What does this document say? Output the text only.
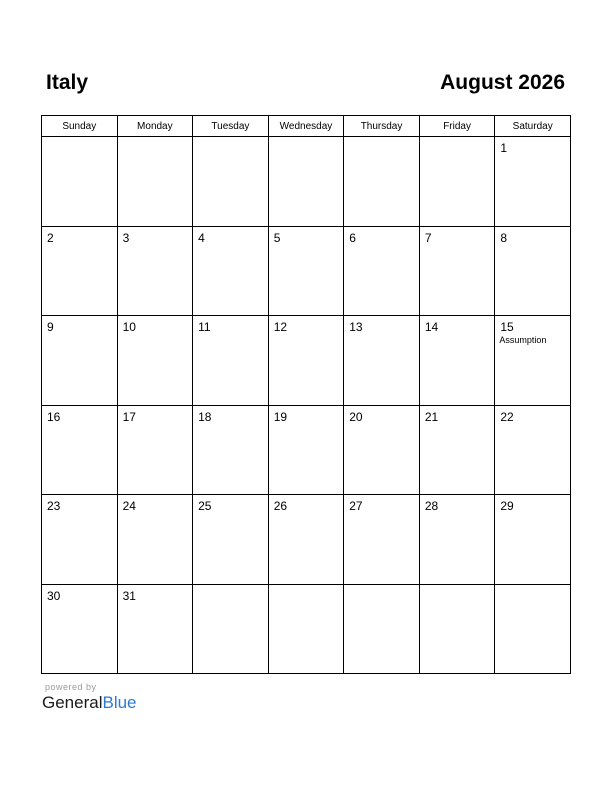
Italy	August 2026
Sunday	Monday	Tuesday	Wednesday	Thursday	Friday	Saturday

						1

2	3	4	5	6	7	8

9	10	11	12	13	14	15
Assumption

16	17	18	19	20	21	22

23	24	25	26	27	28	29

30	31					

powered by
GeneralBlue
